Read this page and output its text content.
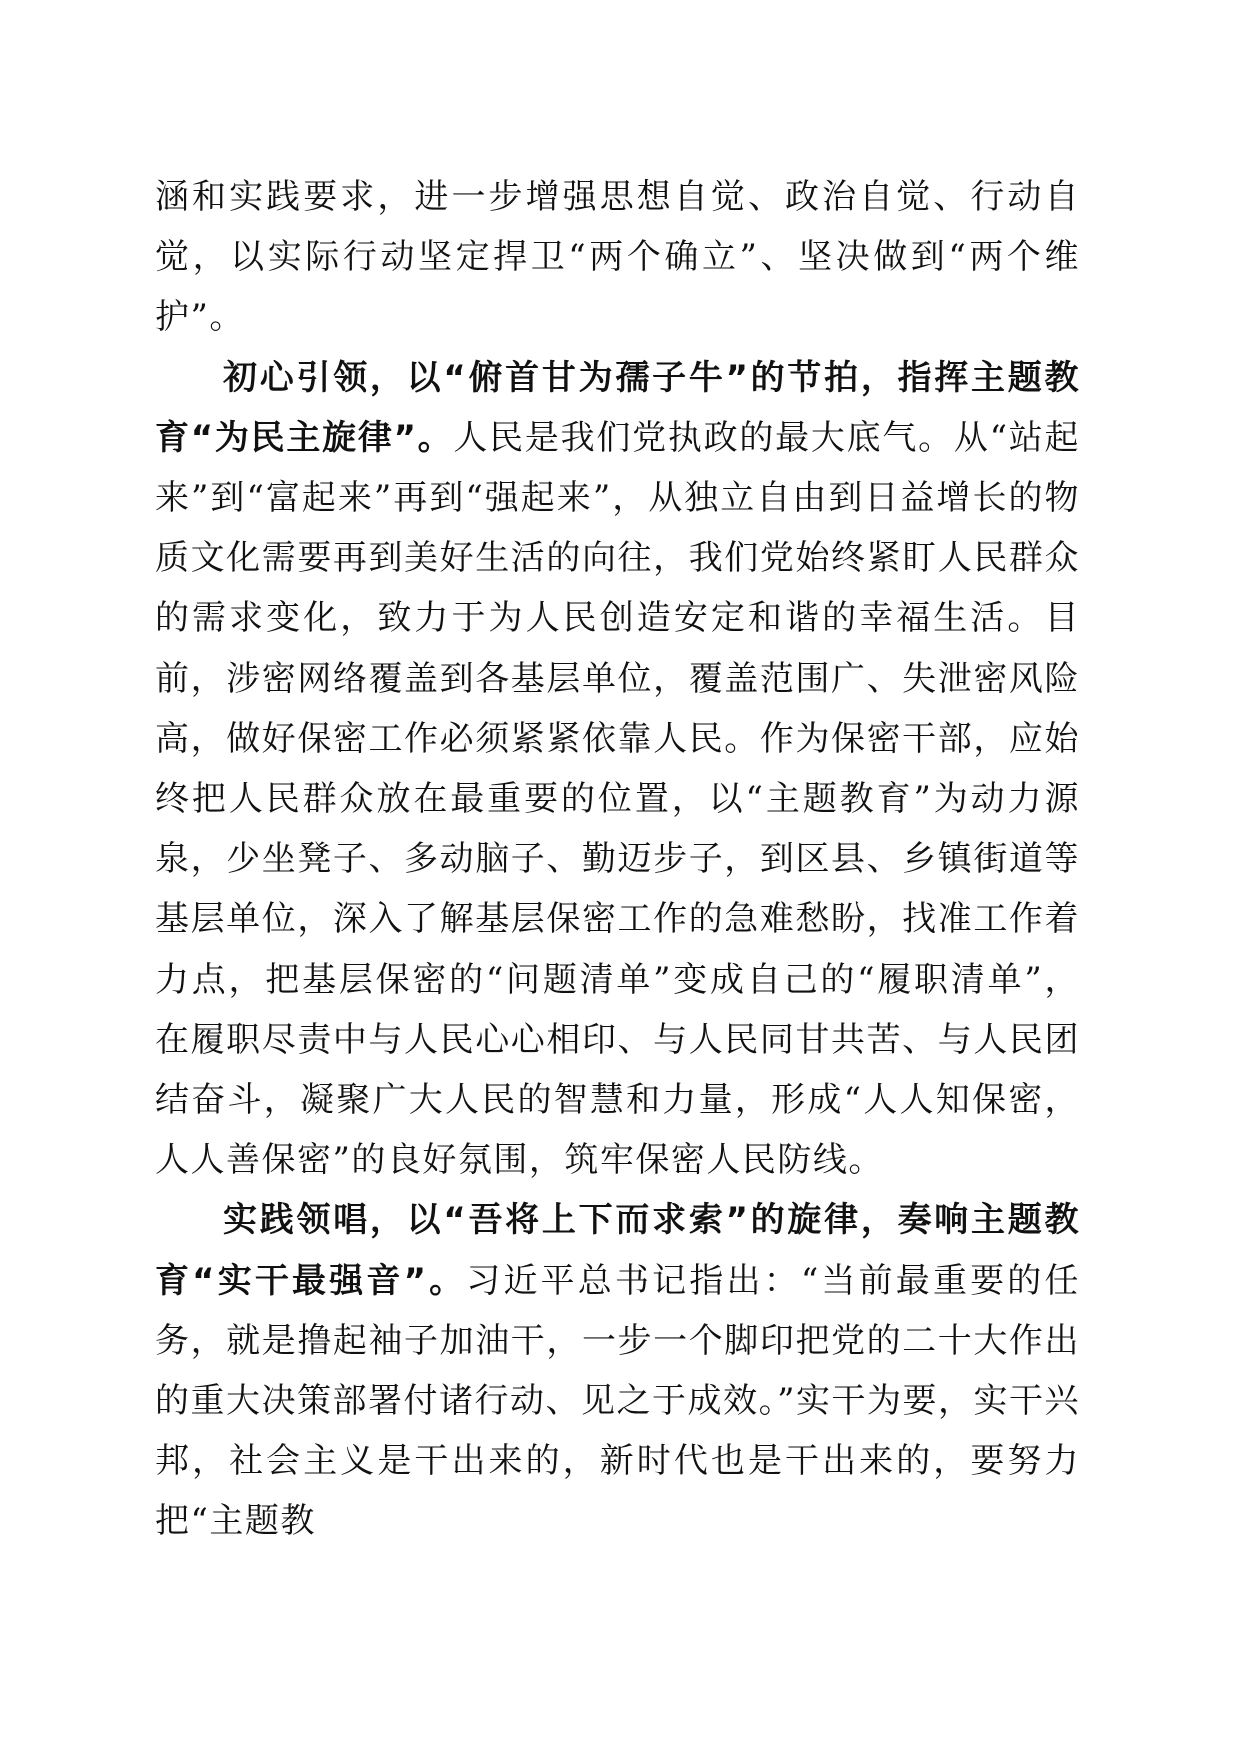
涵和实践要求，进一步增强思想自觉、政治自觉、行动自觉，以实际行动坚定捍卫“两个确立”、坚决做到“两个维护”。

初心引领，以“俯首甘为孺子牛”的节拍，指挥主题教育“为民主旋律”。人民是我们党执政的最大底气。从“站起来”到“富起来”再到“强起来”，从独立自由到日益增长的物质文化需要再到美好生活的向往，我们党始终紧盯人民群众的需求变化，致力于为人民创造安定和谐的幸福生活。目前，涉密网络覆盖到各基层单位，覆盖范围广、失泄密风险高，做好保密工作必须紧紧依靠人民。作为保密干部，应始终把人民群众放在最重要的位置，以“主题教育”为动力源泉，少坐凳子、多动脑子、勤迈步子，到区县、乡镇街道等基层单位，深入了解基层保密工作的急难愁盼，找准工作着力点，把基层保密的“问题清单”变成自己的“履职清单”，在履职尽责中与人民心心相印、与人民同甘共苦、与人民团结奋斗，凝聚广大人民的智慧和力量，形成“人人知保密，人人善保密”的良好氛围，筑牢保密人民防线。

实践领唱，以“吾将上下而求索”的旋律，奏响主题教育“实干最强音”。习近平总书记指出：“当前最重要的任务，就是撸起袖子加油干，一步一个脚印把党的二十大作出的重大决策部署付诸行动、见之于成效。”实干为要，实干兴邦，社会主义是干出来的，新时代也是干出来的，要努力把“主题教
